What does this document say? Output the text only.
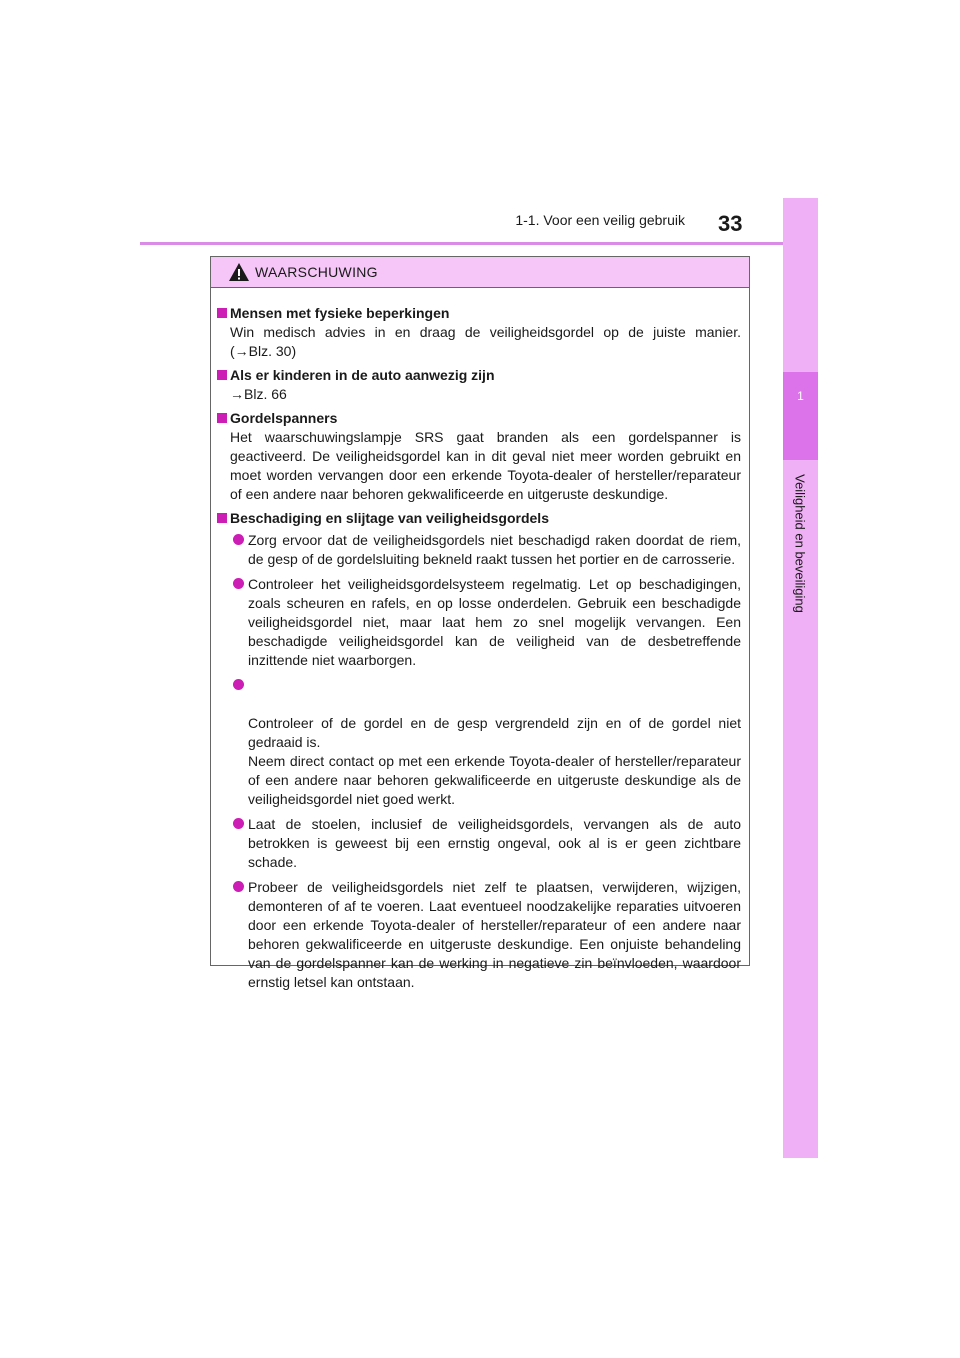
1-1. Voor een veilig gebruik 33
1
Veiligheid en beveiliging
WAARSCHUWING
Mensen met fysieke beperkingen
Win medisch advies in en draag de veiligheidsgordel op de juiste manier.
(→Blz. 30)
Als er kinderen in de auto aanwezig zijn
→Blz. 66
Gordelspanners
Het waarschuwingslampje SRS gaat branden als een gordelspanner is geactiveerd. De veiligheidsgordel kan in dit geval niet meer worden gebruikt en moet worden vervangen door een erkende Toyota-dealer of hersteller/reparateur of een andere naar behoren gekwalificeerde en uitgeruste deskundige.
Beschadiging en slijtage van veiligheidsgordels
Zorg ervoor dat de veiligheidsgordels niet beschadigd raken doordat de riem, de gesp of de gordelsluiting bekneld raakt tussen het portier en de carrosserie.
Controleer het veiligheidsgordelsysteem regelmatig. Let op beschadigingen, zoals scheuren en rafels, en op losse onderdelen. Gebruik een beschadigde veiligheidsgordel niet, maar laat hem zo snel mogelijk vervangen. Een beschadigde veiligheidsgordel kan de veiligheid van de desbetreffende inzittende niet waarborgen.

Controleer of de gordel en de gesp vergrendeld zijn en of de gordel niet gedraaid is.
Neem direct contact op met een erkende Toyota-dealer of hersteller/reparateur of een andere naar behoren gekwalificeerde en uitgeruste deskundige als de veiligheidsgordel niet goed werkt.

Laat de stoelen, inclusief de veiligheidsgordels, vervangen als de auto betrokken is geweest bij een ernstig ongeval, ook al is er geen zichtbare schade.
Probeer de veiligheidsgordels niet zelf te plaatsen, verwijderen, wijzigen, demonteren of af te voeren. Laat eventueel noodzakelijke reparaties uitvoeren door een erkende Toyota-dealer of hersteller/reparateur of een andere naar behoren gekwalificeerde en uitgeruste deskundige. Een onjuiste behandeling van de gordelspanner kan de werking in negatieve zin beïnvloeden, waardoor ernstig letsel kan ontstaan.
